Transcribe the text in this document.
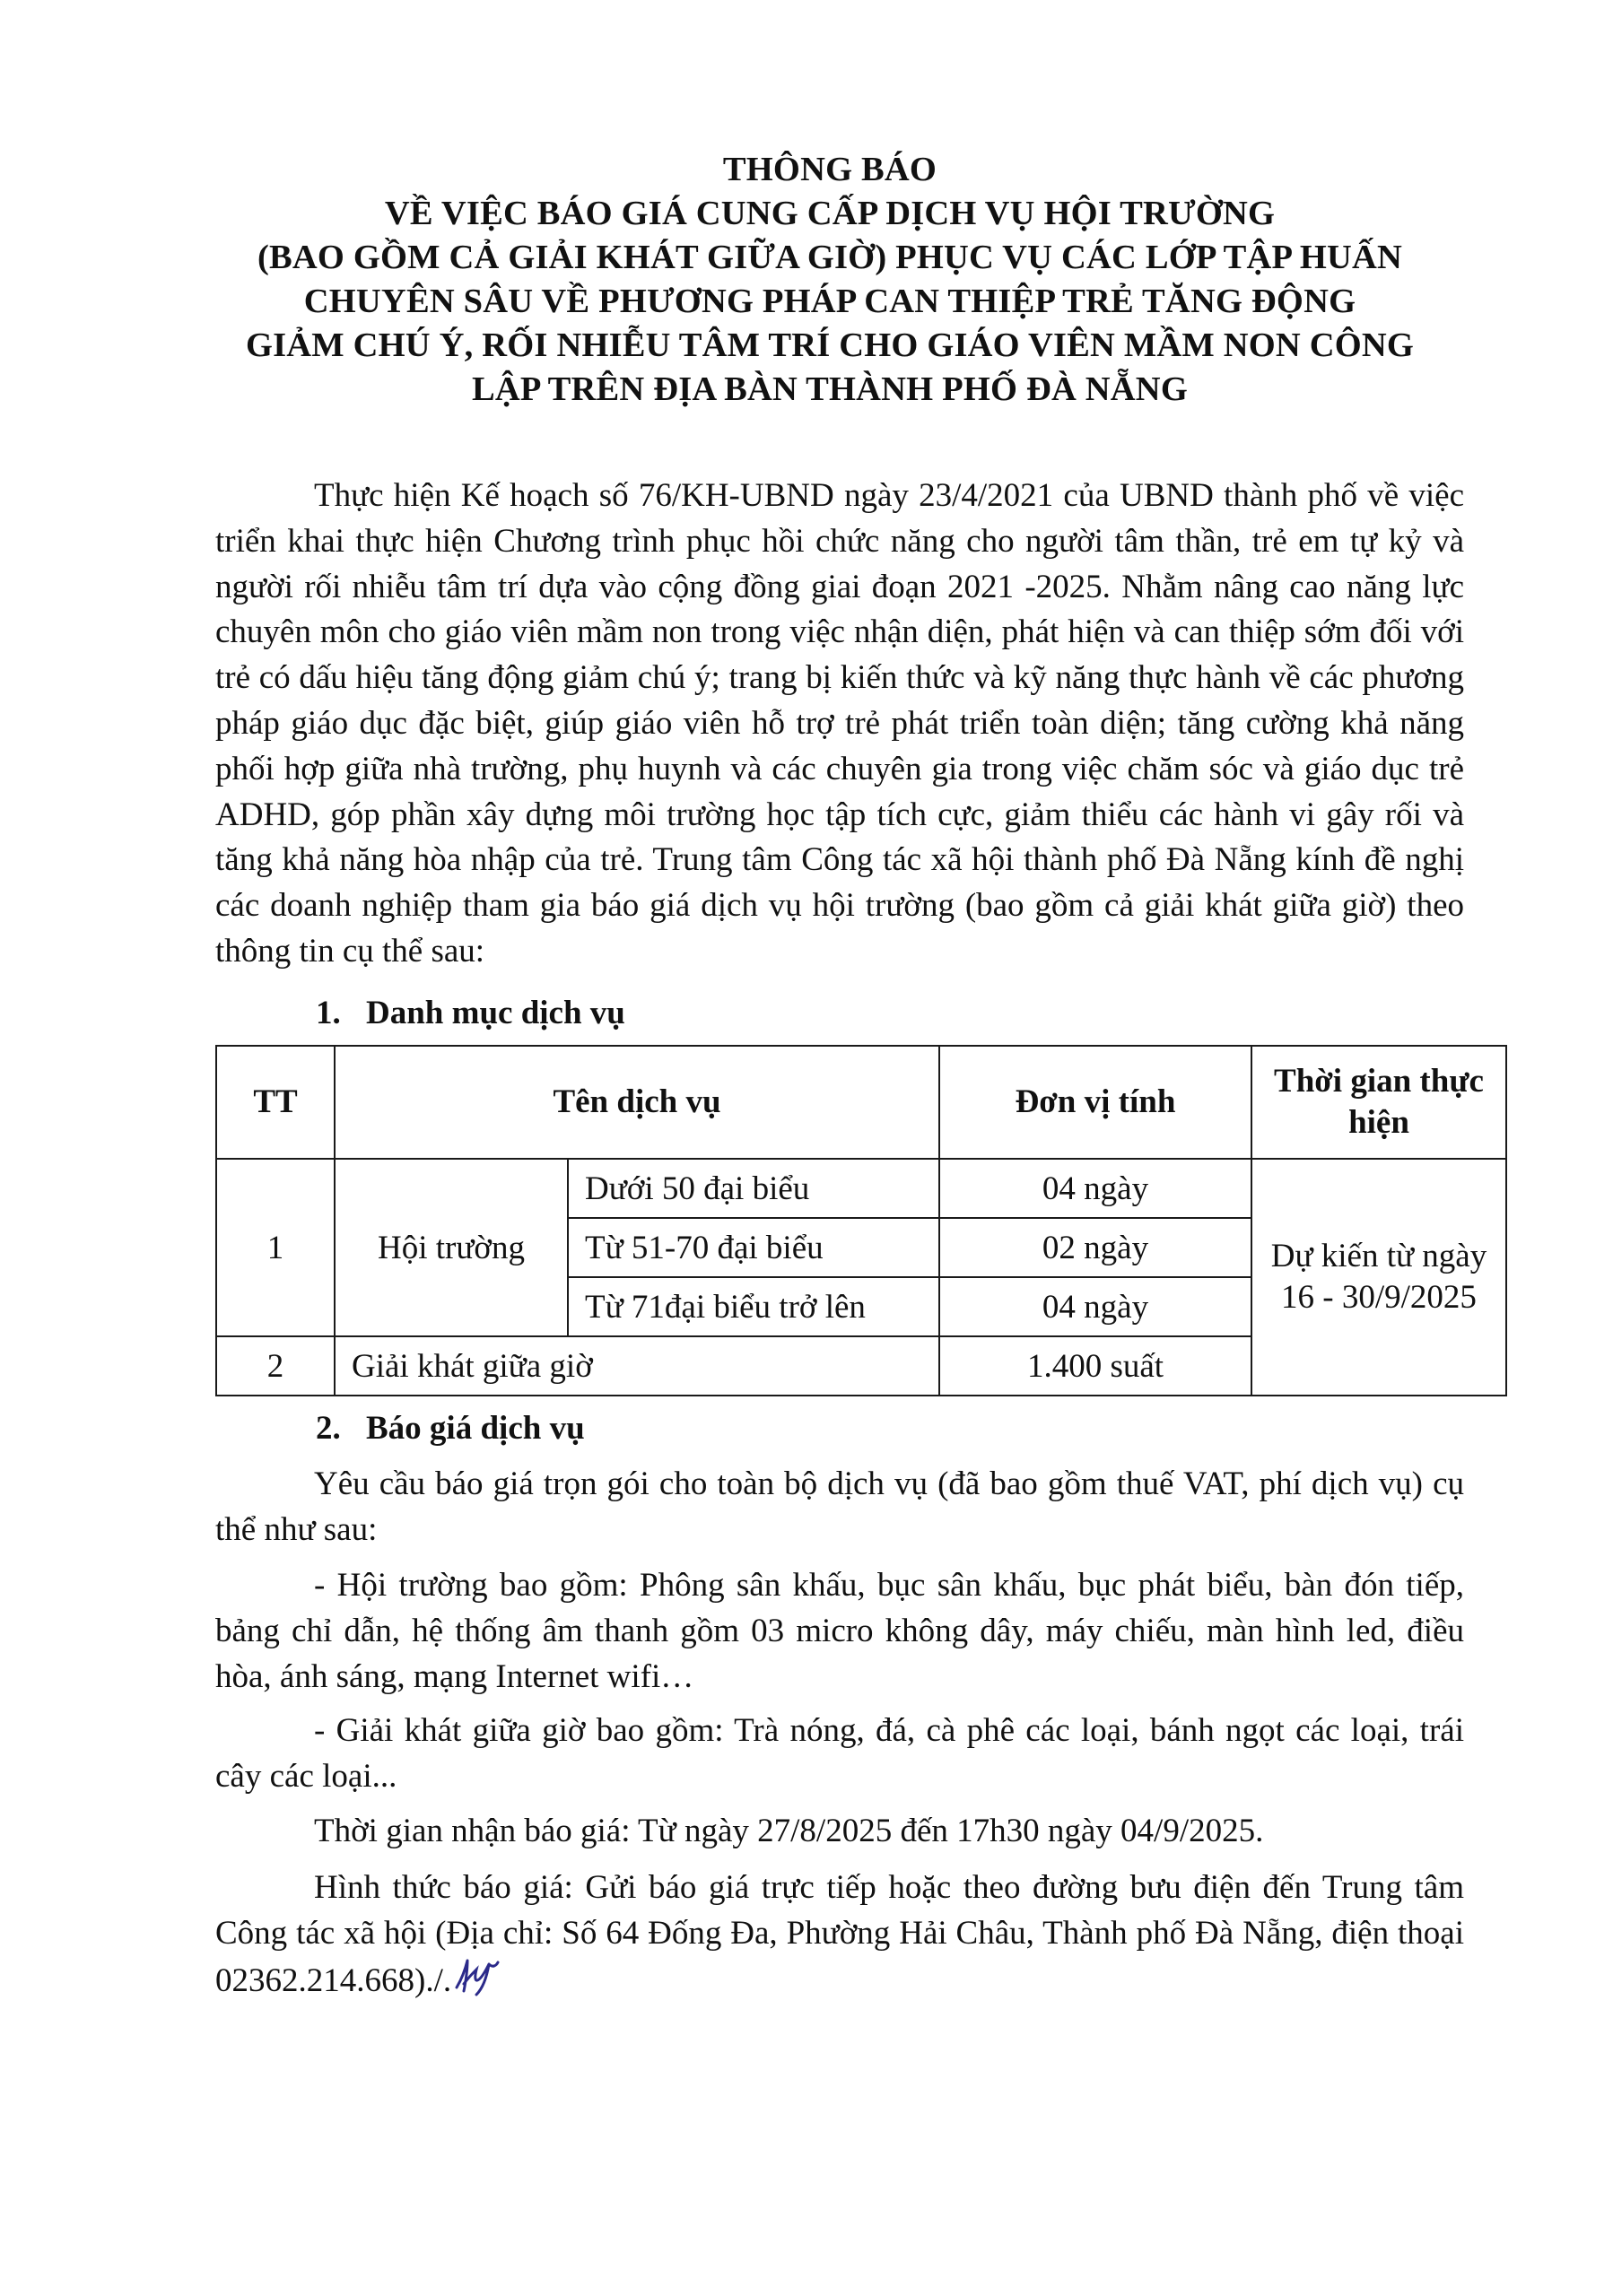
THÔNG BÁO
VỀ VIỆC BÁO GIÁ CUNG CẤP DỊCH VỤ HỘI TRƯỜNG
(BAO GỒM CẢ GIẢI KHÁT GIỮA GIỜ) PHỤC VỤ CÁC LỚP TẬP HUẤN
CHUYÊN SÂU VỀ PHƯƠNG PHÁP CAN THIỆP TRẺ TĂNG ĐỘNG
GIẢM CHÚ Ý, RỐI NHIỄU TÂM TRÍ CHO GIÁO VIÊN MẦM NON CÔNG
LẬP TRÊN ĐỊA BÀN THÀNH PHỐ ĐÀ NẴNG
Thực hiện Kế hoạch số 76/KH-UBND ngày 23/4/2021 của UBND thành phố về việc triển khai thực hiện Chương trình phục hồi chức năng cho người tâm thần, trẻ em tự kỷ và người rối nhiễu tâm trí dựa vào cộng đồng giai đoạn 2021 -2025. Nhằm nâng cao năng lực chuyên môn cho giáo viên mầm non trong việc nhận diện, phát hiện và can thiệp sớm đối với trẻ có dấu hiệu tăng động giảm chú ý; trang bị kiến thức và kỹ năng thực hành về các phương pháp giáo dục đặc biệt, giúp giáo viên hỗ trợ trẻ phát triển toàn diện; tăng cường khả năng phối hợp giữa nhà trường, phụ huynh và các chuyên gia trong việc chăm sóc và giáo dục trẻ ADHD, góp phần xây dựng môi trường học tập tích cực, giảm thiểu các hành vi gây rối và tăng khả năng hòa nhập của trẻ. Trung tâm Công tác xã hội thành phố Đà Nẵng kính đề nghị các doanh nghiệp tham gia báo giá dịch vụ hội trường (bao gồm cả giải khát giữa giờ) theo thông tin cụ thể sau:
1. Danh mục dịch vụ
TT	Tên dịch vụ		Đơn vị tính	Thời gian thực hiện
1	Hội trường	Dưới 50 đại biểu	04 ngày	Dự kiến từ ngày 16 - 30/9/2025
		Từ 51-70 đại biểu	02 ngày	
		Từ 71đại biểu trở lên	04 ngày	
2	Giải khát giữa giờ		1.400 suất	
2. Báo giá dịch vụ
Yêu cầu báo giá trọn gói cho toàn bộ dịch vụ (đã bao gồm thuế VAT, phí dịch vụ) cụ thể như sau:
- Hội trường bao gồm: Phông sân khấu, bục sân khấu, bục phát biểu, bàn đón tiếp, bảng chỉ dẫn, hệ thống âm thanh gồm 03 micro không dây, máy chiếu, màn hình led, điều hòa, ánh sáng, mạng Internet wifi…
- Giải khát giữa giờ bao gồm: Trà nóng, đá, cà phê các loại, bánh ngọt các loại, trái cây các loại...
Thời gian nhận báo giá: Từ ngày 27/8/2025 đến 17h30 ngày 04/9/2025.
Hình thức báo giá: Gửi báo giá trực tiếp hoặc theo đường bưu điện đến Trung tâm Công tác xã hội (Địa chỉ: Số 64 Đống Đa, Phường Hải Châu, Thành phố Đà Nẵng, điện thoại 02362.214.668)./.
